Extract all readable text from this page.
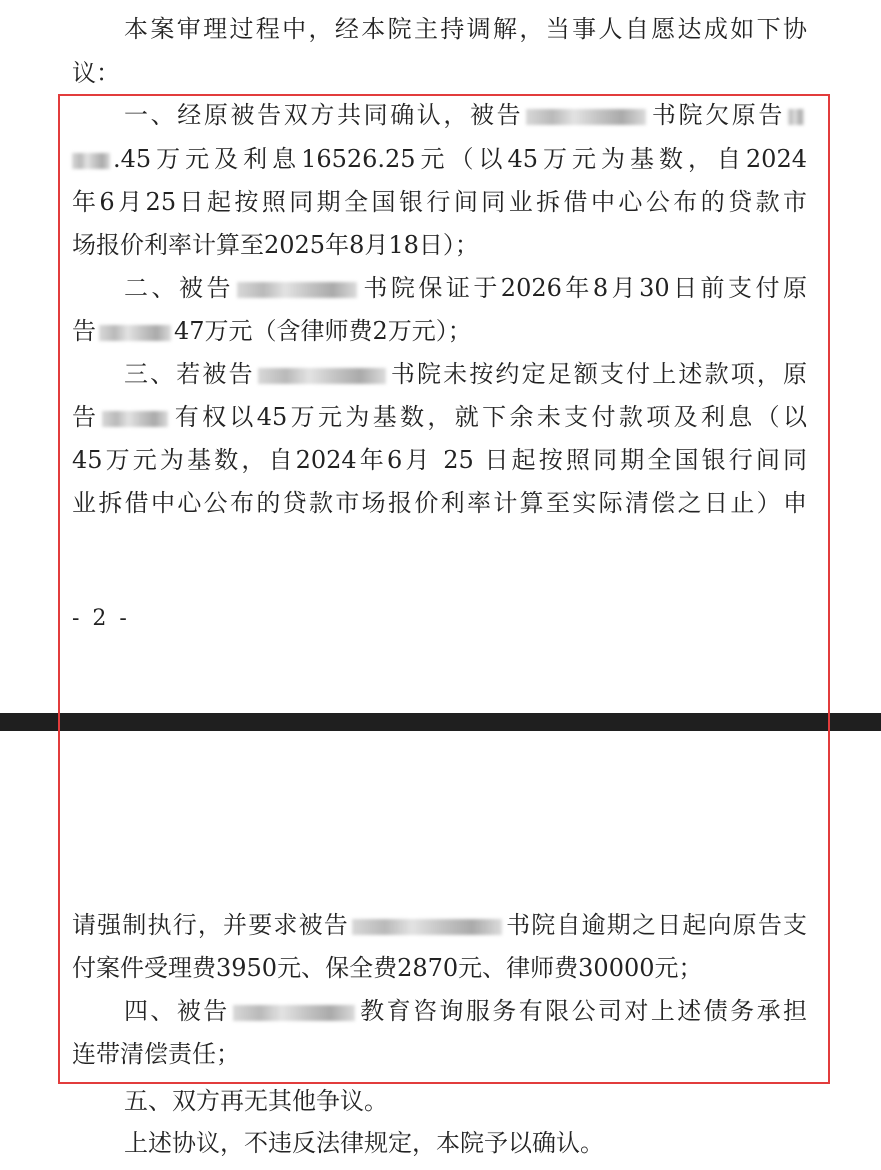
本案审理过程中，经本院主持调解，当事人自愿达成如下协
议：
一、经原被告双方共同确认，被告	书院欠原告
.45万元及利息16526.25元（以45万元为基数，自2024
年6月25日起按照同期全国银行间同业拆借中心公布的贷款市
场报价利率计算至2025年8月18日）；
二、被告	书院保证于2026年8月30日前支付原
告	47万元（含律师费2万元）；
三、若被告	书院未按约定足额支付上述款项，原
告	有权以45万元为基数，就下余未支付款项及利息（以
45万元为基数，自2024年6月 25 日起按照同期全国银行间同
业拆借中心公布的贷款市场报价利率计算至实际清偿之日止）申
- 2 -
请强制执行，并要求被告	书院自逾期之日起向原告支
付案件受理费3950元、保全费2870元、律师费30000元；
四、被告	教育咨询服务有限公司对上述债务承担
连带清偿责任；
五、双方再无其他争议。
上述协议，不违反法律规定，本院予以确认。
